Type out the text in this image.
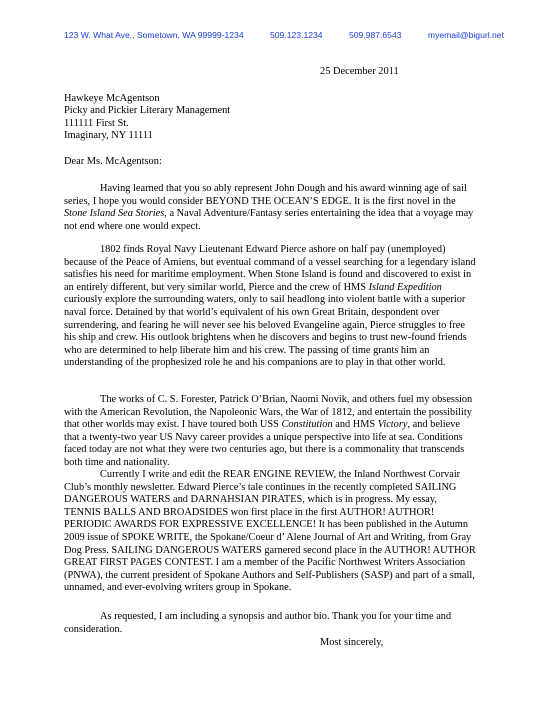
123 W. What Ave., Sometown, WA 99999-1234	509.123.1234	509.987.6543	myemail@bigurl.net
25 December 2011
Hawkeye McAgentson
Picky and Pickier Literary Management
111111 First St.
Imaginary, NY 11111
Dear Ms. McAgentson:

Having learned that you so ably represent John Dough and his award winning age of sail series, I hope you would consider BEYOND THE OCEAN’S EDGE. It is the first novel in the Stone Island Sea Stories, a Naval Adventure/Fantasy series entertaining the idea that a voyage may not end where one would expect.

1802 finds Royal Navy Lieutenant Edward Pierce ashore on half pay (unemployed) because of the Peace of Amiens, but eventual command of a vessel searching for a legendary island satisfies his need for maritime employment. When Stone Island is found and discovered to exist in an entirely different, but very similar world, Pierce and the crew of HMS Island Expedition curiously explore the surrounding waters, only to sail headlong into violent battle with a superior naval force. Detained by that world’s equivalent of his own Great Britain, despondent over surrendering, and fearing he will never see his beloved Evangeline again, Pierce struggles to free his ship and crew. His outlook brightens when he discovers and begins to trust new-found friends who are determined to help liberate him and his crew. The passing of time grants him an understanding of the prophesized role he and his companions are to play in that other world.

The works of C. S. Forester, Patrick O’Brian, Naomi Novik, and others fuel my obsession with the American Revolution, the Napoleonic Wars, the War of 1812, and entertain the possibility that other worlds may exist. I have toured both USS Constitution and HMS Victory, and believe that a twenty-two year US Navy career provides a unique perspective into life at sea. Conditions faced today are not what they were two centuries ago, but there is a commonality that transcends both time and nationality.

Currently I write and edit the REAR ENGINE REVIEW, the Inland Northwest Corvair Club’s monthly newsletter. Edward Pierce’s tale continues in the recently completed SAILING DANGEROUS WATERS and DARNAHSIAN PIRATES, which is in progress. My essay, TENNIS BALLS AND BROADSIDES won first place in the first AUTHOR! AUTHOR! PERIODIC AWARDS FOR EXPRESSIVE EXCELLENCE! It has been published in the Autumn 2009 issue of SPOKE WRITE, the Spokane/Coeur d’ Alene Journal of Art and Writing, from Gray Dog Press. SAILING DANGEROUS WATERS garnered second place in the AUTHOR! AUTHOR GREAT FIRST PAGES CONTEST. I am a member of the Pacific Northwest Writers Association (PNWA), the current president of Spokane Authors and Self-Publishers (SASP) and part of a small, unnamed, and ever-evolving writers group in Spokane.

As requested, I am including a synopsis and author bio. Thank you for your time and consideration.

Most sincerely,
